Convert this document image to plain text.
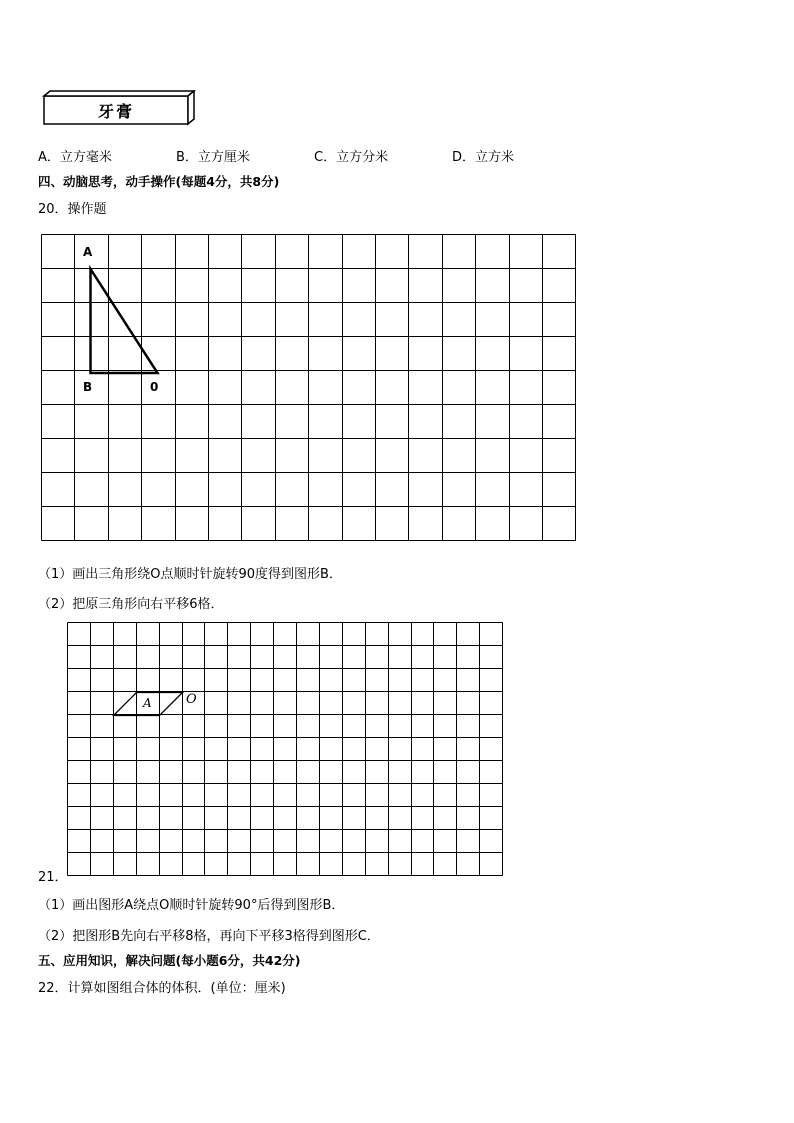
牙膏
A．立方毫米	B．立方厘米	C．立方分米	D．立方米
四、动脑思考，动手操作(每题4分，共8分)
20．操作题
A
B	0
（1）画出三角形绕O点顺时针旋转90度得到图形B．
（2）把原三角形向右平移6格．
A	O
21．
（1）画出图形A绕点O顺时针旋转90°后得到图形B．
（2）把图形B先向右平移8格，再向下平移3格得到图形C．
五、应用知识，解决问题(每小题6分，共42分)
22．计算如图组合体的体积．(单位：厘米)
